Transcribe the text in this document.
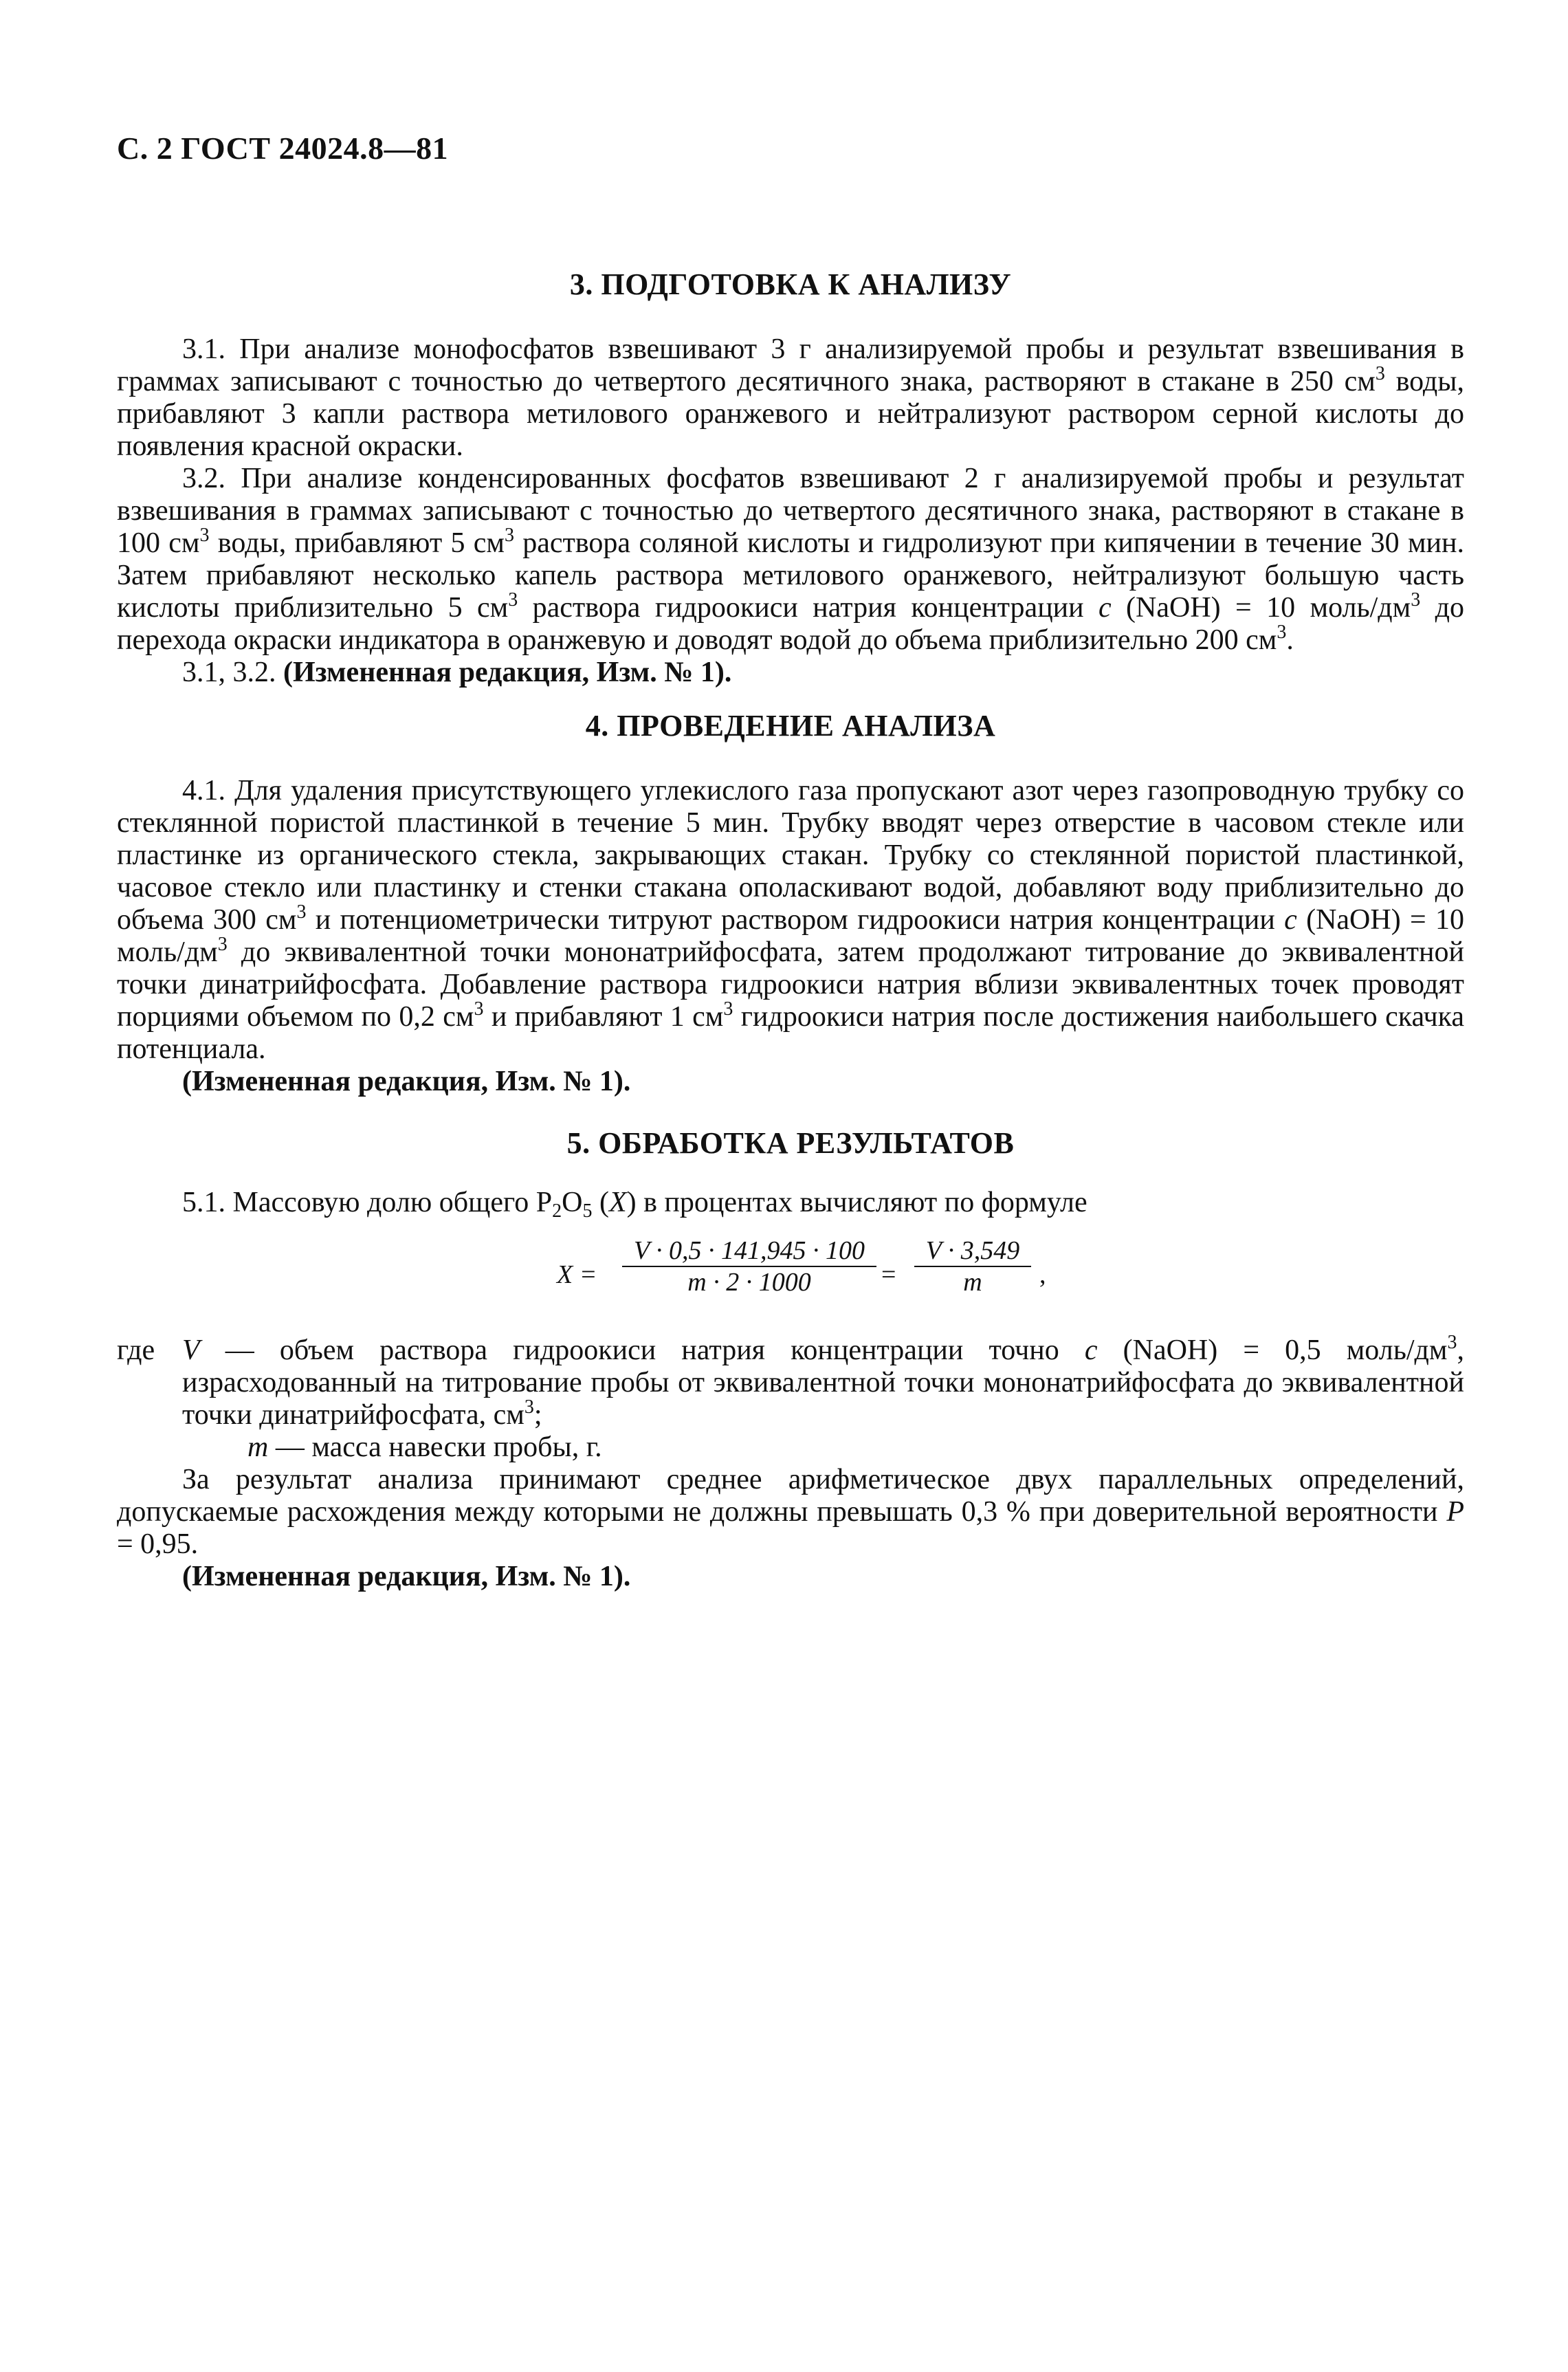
С. 2 ГОСТ 24024.8—81
3. ПОДГОТОВКА К АНАЛИЗУ

3.1. При анализе монофосфатов взвешивают 3 г анализируемой пробы и результат взвешивания в граммах записывают с точностью до четвертого десятичного знака, растворяют в стакане в 250 $см^3$ воды, прибавляют 3 капли раствора метилового оранжевого и нейтрализуют раствором серной кислоты до появления красной окраски.

3.2. При анализе конденсированных фосфатов взвешивают 2 г анализируемой пробы и результат взвешивания в граммах записывают с точностью до четвертого десятичного знака, растворяют в стакане в 100 $см^3$ воды, прибавляют 5 $см^3$ раствора соляной кислоты и гидролизуют при кипячении в течение 30 мин. Затем прибавляют несколько капель раствора метилового оранжевого, нейтрализуют большую часть кислоты приблизительно 5 $см^3$ раствора гидроокиси натрия концентрации c (NaOH) = 10 моль/$дм^3$ до перехода окраски индикатора в оранжевую и доводят водой до объема приблизительно 200 $см^3$.

3.1, 3.2. (Измененная редакция, Изм. № 1).

4. ПРОВЕДЕНИЕ АНАЛИЗА

4.1. Для удаления присутствующего углекислого газа пропускают азот через газопроводную трубку со стеклянной пористой пластинкой в течение 5 мин. Трубку вводят через отверстие в часовом стекле или пластинке из органического стекла, закрывающих стакан. Трубку со стеклянной пористой пластинкой, часовое стекло или пластинку и стенки стакана ополаскивают водой, добавляют воду приблизительно до объема 300 $см^3$ и потенциометрически титруют раствором гидроокиси натрия концентрации c (NaOH) = 10 моль/$дм^3$ до эквивалентной точки мононатрийфосфата, затем продолжают титрование до эквивалентной точки динатрийфосфата. Добавление раствора гидроокиси натрия вблизи эквивалентных точек проводят порциями объемом по 0,2 $см^3$ и прибавляют 1 $см^3$ гидроокиси натрия после достижения наибольшего скачка потенциала.

(Измененная редакция, Изм. № 1).

5. ОБРАБОТКА РЕЗУЛЬТАТОВ

5.1. Массовую долю общего $P_2O_5$ (X) в процентах вычисляют по формуле

$X = \frac{V \cdot 0,5 \cdot 141,945 \cdot 100}{m \cdot 2 \cdot 1000} = \frac{V \cdot 3,549}{m}$ ,
где V — объем раствора гидроокиси натрия концентрации точно c (NaOH) = 0,5 моль/$дм^3$, израсходованный на титрование пробы от эквивалентной точки мононатрийфосфата до эквивалентной точки динатрийфосфата, $см^3$;
m — масса навески пробы, г.

За результат анализа принимают среднее арифметическое двух параллельных определений, допускаемые расхождения между которыми не должны превышать 0,3 % при доверительной вероятности P = 0,95.

(Измененная редакция, Изм. № 1).
